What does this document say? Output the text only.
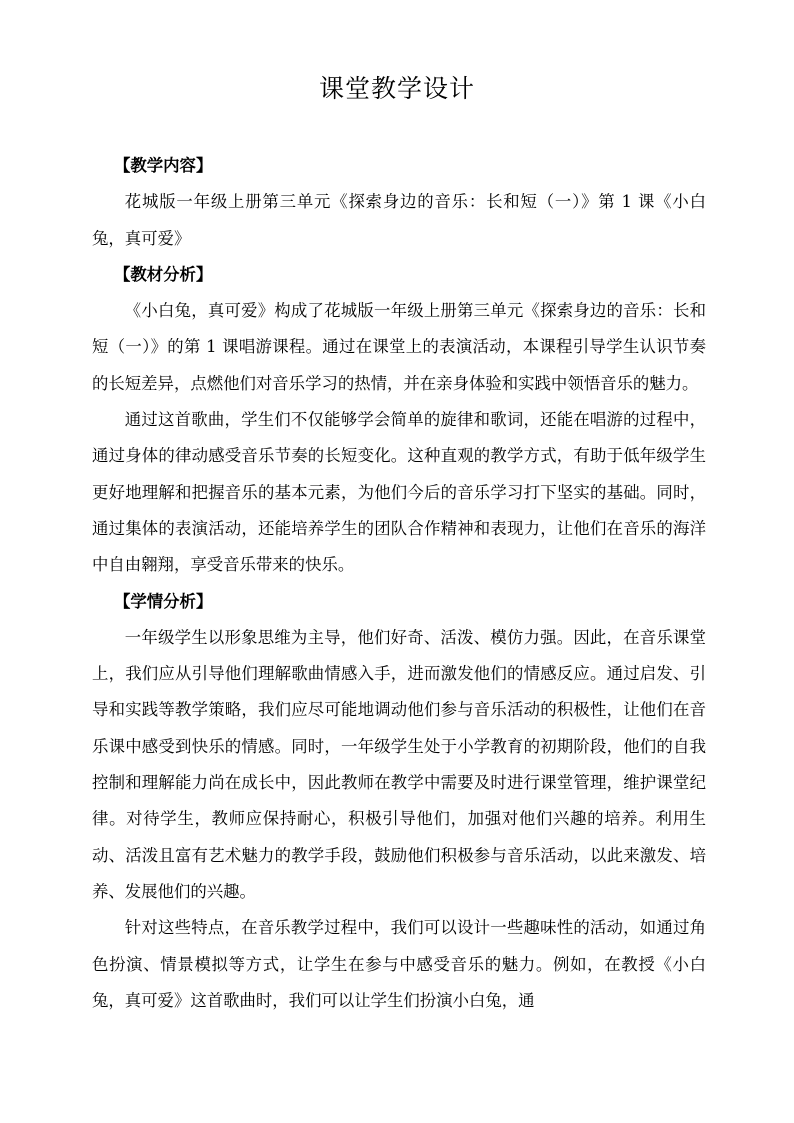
课堂教学设计

【教学内容】

花城版一年级上册第三单元《探索身边的音乐：长和短（一）》第 1 课《小白兔，真可爱》

【教材分析】

《小白兔，真可爱》构成了花城版一年级上册第三单元《探索身边的音乐：长和短（一）》的第 1 课唱游课程。通过在课堂上的表演活动，本课程引导学生认识节奏的长短差异，点燃他们对音乐学习的热情，并在亲身体验和实践中领悟音乐的魅力。

通过这首歌曲，学生们不仅能够学会简单的旋律和歌词，还能在唱游的过程中，通过身体的律动感受音乐节奏的长短变化。这种直观的教学方式，有助于低年级学生更好地理解和把握音乐的基本元素，为他们今后的音乐学习打下坚实的基础。同时，通过集体的表演活动，还能培养学生的团队合作精神和表现力，让他们在音乐的海洋中自由翱翔，享受音乐带来的快乐。

【学情分析】

一年级学生以形象思维为主导，他们好奇、活泼、模仿力强。因此，在音乐课堂上，我们应从引导他们理解歌曲情感入手，进而激发他们的情感反应。通过启发、引导和实践等教学策略，我们应尽可能地调动他们参与音乐活动的积极性，让他们在音乐课中感受到快乐的情感。同时，一年级学生处于小学教育的初期阶段，他们的自我控制和理解能力尚在成长中，因此教师在教学中需要及时进行课堂管理，维护课堂纪律。对待学生，教师应保持耐心，积极引导他们，加强对他们兴趣的培养。利用生动、活泼且富有艺术魅力的教学手段，鼓励他们积极参与音乐活动，以此来激发、培养、发展他们的兴趣。

针对这些特点，在音乐教学过程中，我们可以设计一些趣味性的活动，如通过角色扮演、情景模拟等方式，让学生在参与中感受音乐的魅力。例如，在教授《小白兔，真可爱》这首歌曲时，我们可以让学生们扮演小白兔，通
